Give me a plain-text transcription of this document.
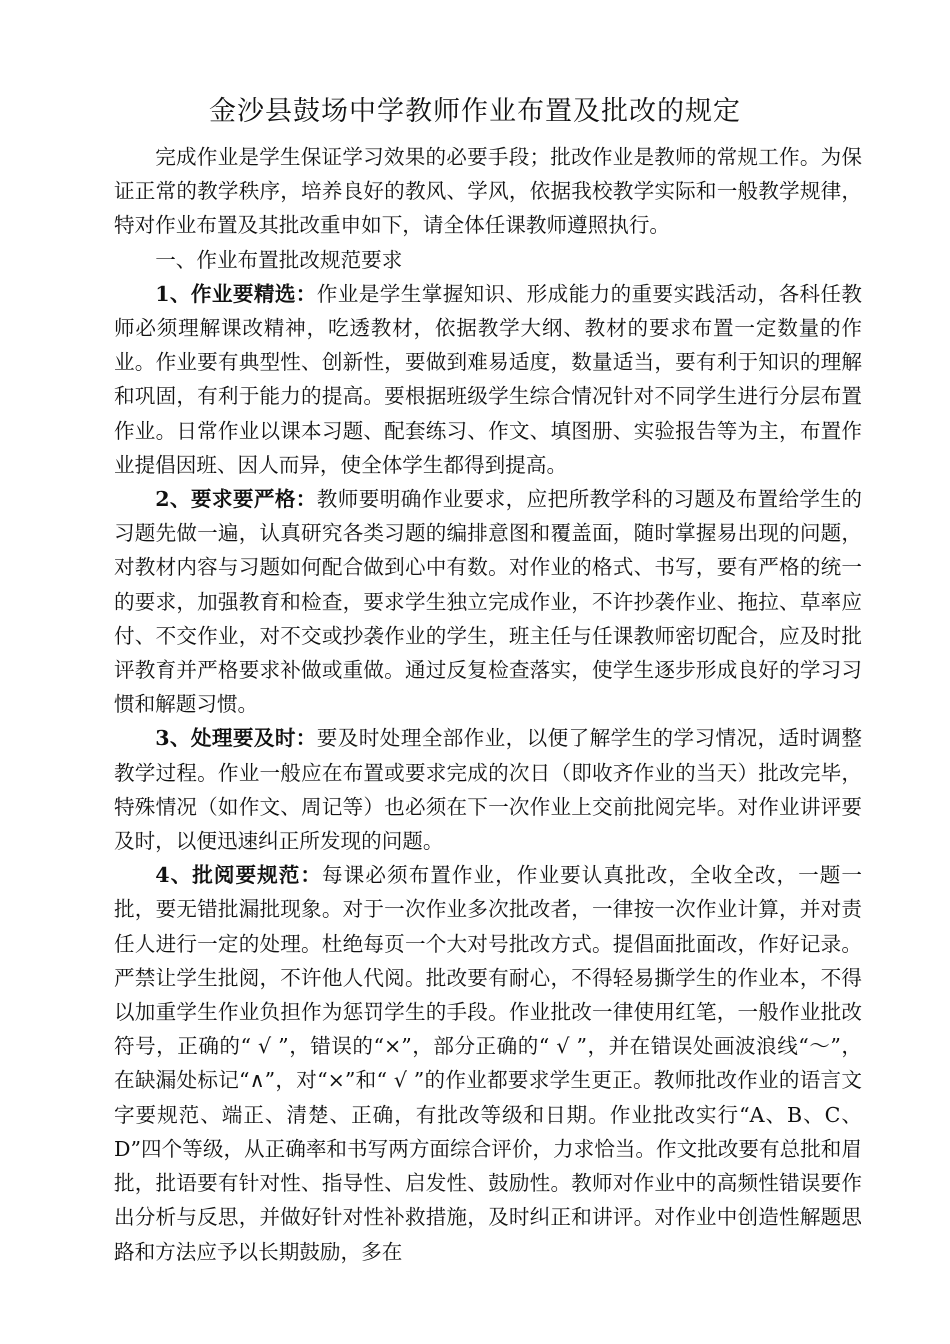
金沙县鼓场中学教师作业布置及批改的规定

完成作业是学生保证学习效果的必要手段；批改作业是教师的常规工作。为保证正常的教学秩序，培养良好的教风、学风，依据我校教学实际和一般教学规律，特对作业布置及其批改重申如下，请全体任课教师遵照执行。

一、作业布置批改规范要求

1、作业要精选：作业是学生掌握知识、形成能力的重要实践活动，各科任教师必须理解课改精神，吃透教材，依据教学大纲、教材的要求布置一定数量的作业。作业要有典型性、创新性，要做到难易适度，数量适当，要有利于知识的理解和巩固，有利于能力的提高。要根据班级学生综合情况针对不同学生进行分层布置作业。日常作业以课本习题、配套练习、作文、填图册、实验报告等为主，布置作业提倡因班、因人而异，使全体学生都得到提高。

2、要求要严格：教师要明确作业要求，应把所教学科的习题及布置给学生的习题先做一遍，认真研究各类习题的编排意图和覆盖面，随时掌握易出现的问题，对教材内容与习题如何配合做到心中有数。对作业的格式、书写，要有严格的统一的要求，加强教育和检查，要求学生独立完成作业，不许抄袭作业、拖拉、草率应付、不交作业，对不交或抄袭作业的学生，班主任与任课教师密切配合，应及时批评教育并严格要求补做或重做。通过反复检查落实，使学生逐步形成良好的学习习惯和解题习惯。

3、处理要及时：要及时处理全部作业，以便了解学生的学习情况，适时调整教学过程。作业一般应在布置或要求完成的次日（即收齐作业的当天）批改完毕，特殊情况（如作文、周记等）也必须在下一次作业上交前批阅完毕。对作业讲评要及时，以便迅速纠正所发现的问题。

4、批阅要规范：每课必须布置作业，作业要认真批改，全收全改，一题一批，要无错批漏批现象。对于一次作业多次批改者，一律按一次作业计算，并对责任人进行一定的处理。杜绝每页一个大对号批改方式。提倡面批面改，作好记录。严禁让学生批阅，不许他人代阅。批改要有耐心，不得轻易撕学生的作业本，不得以加重学生作业负担作为惩罚学生的手段。作业批改一律使用红笔，一般作业批改符号，正确的“ √ ”，错误的“×”，部分正确的“ √ ”，并在错误处画波浪线“～”，在缺漏处标记“∧”，对“×”和“ √ ”的作业都要求学生更正。教师批改作业的语言文字要规范、端正、清楚、正确，有批改等级和日期。作业批改实行“A、B、C、D”四个等级，从正确率和书写两方面综合评价，力求恰当。作文批改要有总批和眉批，批语要有针对性、指导性、启发性、鼓励性。教师对作业中的高频性错误要作出分析与反思，并做好针对性补救措施，及时纠正和讲评。对作业中创造性解题思路和方法应予以长期鼓励，多在
